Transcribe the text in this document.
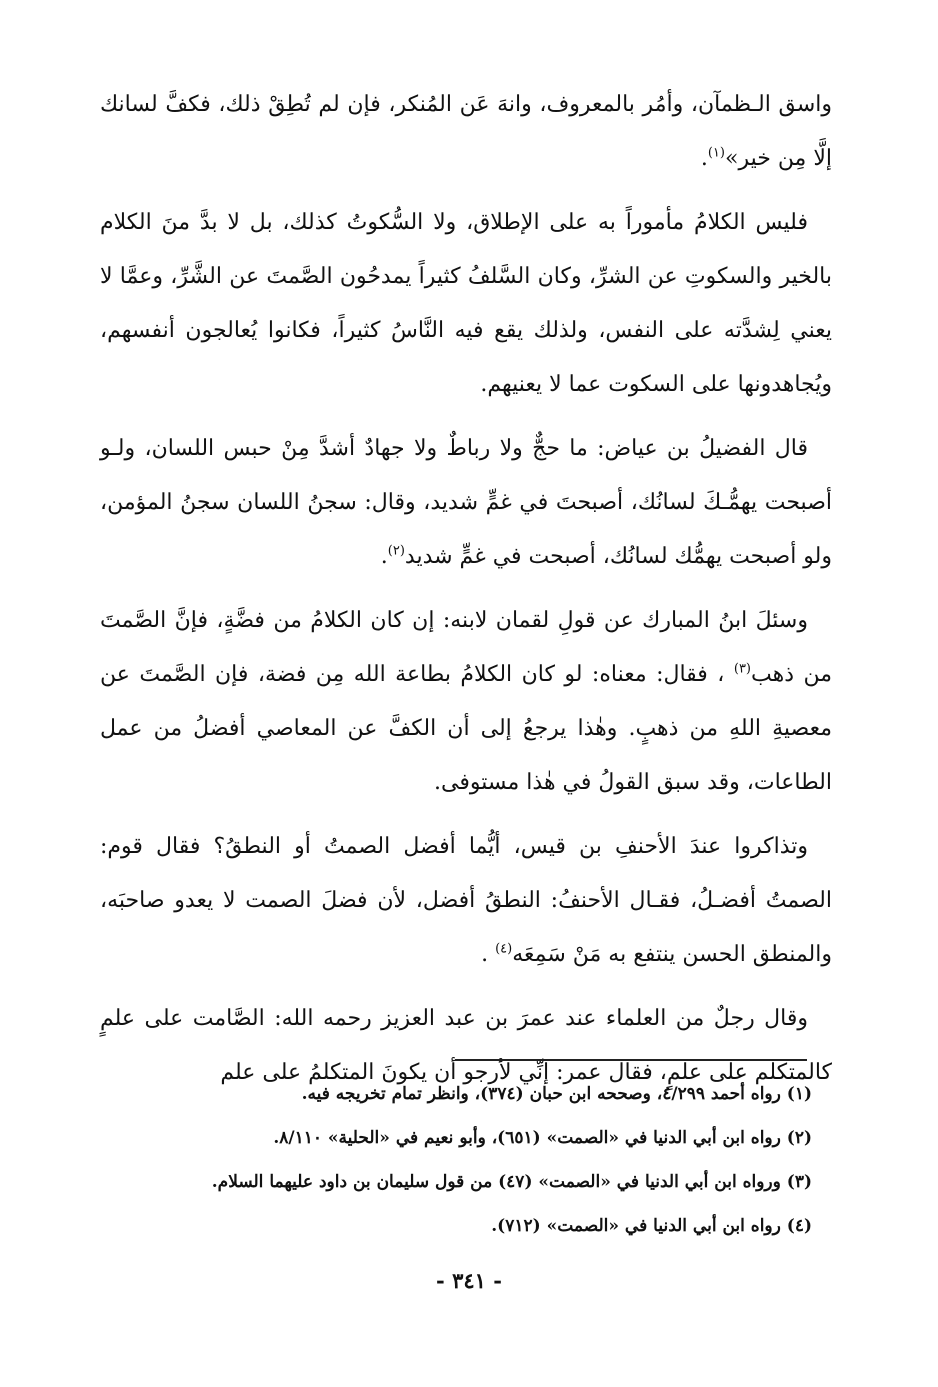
واسق الـظمآن، وأمُر بالمعروف، وانهَ عَن المُنكر، فإن لم تُطِقْ ذلك، فكفَّ لسانك إلَّا مِن خير»$^{(١)}$.

فليس الكلامُ مأموراً به على الإطلاق، ولا السُّكوتُ كذلك، بل لا بدَّ منَ الكلام بالخير والسكوتِ عن الشرِّ، وكان السَّلفُ كثيراً يمدحُون الصَّمتَ عن الشَّرِّ، وعمَّا لا يعني لِشدَّته على النفس، ولذلك يقع فيه النَّاسُ كثيراً، فكانوا يُعالجون أنفسهم، ويُجاهدونها على السكوت عما لا يعنيهم.

قال الفضيلُ بن عياض: ما حجٌّ ولا رباطٌ ولا جهادٌ أشدَّ مِنْ حبس اللسان، ولـو أصبحت يهمُّـكَ لسانُك، أصبحتَ في غمٍّ شديد، وقال: سجنُ اللسان سجنُ المؤمن، ولو أصبحت يهمُّك لسانُك، أصبحت في غمٍّ شديد$^{(٢)}$.

وسئلَ ابنُ المبارك عن قولِ لقمان لابنه: إن كان الكلامُ من فضَّةٍ، فإنَّ الصَّمتَ من ذهب$^{(٣)}$ ، فقال: معناه: لو كان الكلامُ بطاعة الله مِن فضة، فإن الصَّمتَ عن معصيةِ اللهِ من ذهبٍ. وهٰذا يرجعُ إلى أن الكفَّ عن المعاصي أفضلُ من عمل الطاعات، وقد سبق القولُ في هٰذا مستوفى.

وتذاكروا عندَ الأحنفِ بن قيس، أيُّما أفضل الصمتُ أو النطقُ؟ فقال قوم: الصمتُ أفضـلُ، فقـال الأحنفُ: النطقُ أفضل، لأن فضلَ الصمت لا يعدو صاحبَه، والمنطق الحسن ينتفع به مَنْ سَمِعَه$^{(٤)}$ .

وقال رجلٌ من العلماء عند عمرَ بن عبد العزيز رحمه الله: الصَّامت على علمٍ كالمتكلم على علمٍ، فقال عمر: إنِّي لأرجو أن يكونَ المتكلمُ على علم

(١) رواه أحمد ٤/٢٩٩، وصححه ابن حبان (٣٧٤)، وانظر تمام تخريجه فيه.

(٢) رواه ابن أبي الدنيا في «الصمت» (٦٥١)، وأبو نعيم في «الحلية» ٨/١١٠.

(٣) ورواه ابن أبي الدنيا في «الصمت» (٤٧) من قول سليمان بن داود عليهما السلام.

(٤) رواه ابن أبي الدنيا في «الصمت» (٧١٢).

- ٣٤١ -
